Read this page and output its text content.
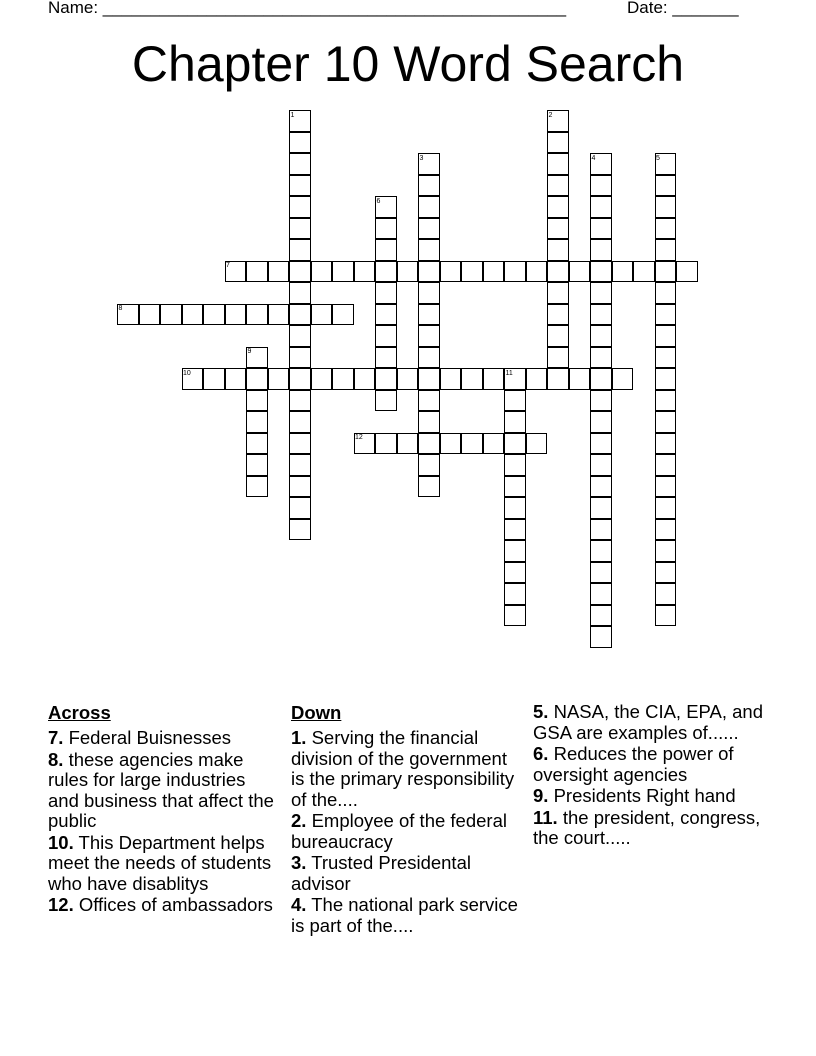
Name: _________________________________________________	Date: _______
Chapter 10 Word Search
1	2
3	4	5
6
7
8
9
10	11
12
Across
7. Federal Buisnesses
8. these agencies make rules for large industries and business that affect the public
10. This Department helps meet the needs of students who have disablitys
12. Offices of ambassadors
Down
1. Serving the financial division of the government is the primary responsibility of the....
2. Employee of the federal bureaucracy
3. Trusted Presidental advisor
4. The national park service is part of the....
5. NASA, the CIA, EPA, and GSA are examples of......
6. Reduces the power of oversight agencies
9. Presidents Right hand
11. the president, congress, the court.....
